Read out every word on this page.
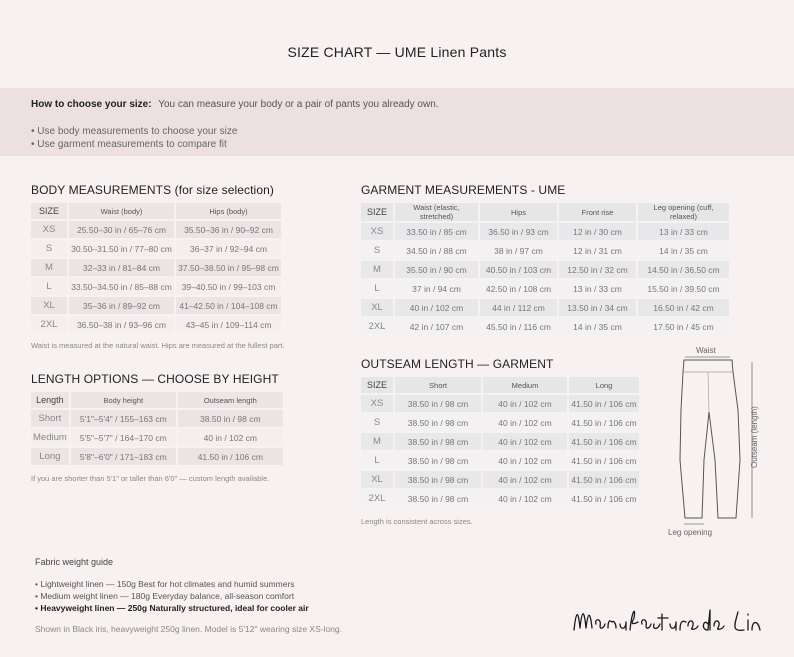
SIZE CHART — UME Linen Pants
How to choose your size: You can measure your body or a pair of pants you already own.
• Use body measurements to choose your size
• Use garment measurements to compare fit
BODY MEASUREMENTS (for size selection)
SIZE	Waist (body)	Hips (body)
XS	25.50–30 in / 65–76 cm	35.50–36 in / 90–92 cm
S	30.50–31.50 in / 77–80 cm	36–37 in / 92–94 cm
M	32–33 in / 81–84 cm	37.50–38.50 in / 95–98 cm
L	33.50–34.50 in / 85–88 cm	39–40.50 in / 99–103 cm
XL	35–36 in / 89–92 cm	41–42.50 in / 104–108 cm
2XL	36.50–38 in / 93–96 cm	43–45 in / 109–114 cm
Waist is measured at the natural waist. Hips are measured at the fullest part.
LENGTH OPTIONS — CHOOSE BY HEIGHT
Length	Body height	Outseam length
Short	5'1"–5'4" / 155–163 cm	38.50 in / 98 cm
Medium	5'5"–5'7" / 164–170 cm	40 in / 102 cm
Long	5'8"–6'0" / 171–183 cm	41.50 in / 106 cm
If you are shorter than 5'1" or taller than 6'0" — custom length available.
GARMENT MEASUREMENTS - UME
SIZE	Waist (elastic, stretched)	Hips	Front rise	Leg opening (cuff, relaxed)
XS	33.50 in / 85 cm	36.50 in / 93 cm	12 in / 30 cm	13 in / 33 cm
S	34.50 in / 88 cm	38 in / 97 cm	12 in / 31 cm	14 in / 35 cm
M	35.50 in / 90 cm	40.50 in / 103 cm	12.50 in / 32 cm	14.50 in / 36.50 cm
L	37 in / 94 cm	42.50 in / 108 cm	13 in / 33 cm	15.50 in / 39.50 cm
XL	40 in / 102 cm	44 in / 112 cm	13.50 in / 34 cm	16.50 in / 42 cm
2XL	42 in / 107 cm	45.50 in / 116 cm	14 in / 35 cm	17.50 in / 45 cm
OUTSEAM LENGTH — GARMENT
SIZE	Short	Medium	Long
XS	38.50 in / 98 cm	40 in / 102 cm	41.50 in / 106 cm
S	38.50 in / 98 cm	40 in / 102 cm	41.50 in / 106 cm
M	38.50 in / 98 cm	40 in / 102 cm	41.50 in / 106 cm
L	38.50 in / 98 cm	40 in / 102 cm	41.50 in / 106 cm
XL	38.50 in / 98 cm	40 in / 102 cm	41.50 in / 106 cm
2XL	38.50 in / 98 cm	40 in / 102 cm	41.50 in / 106 cm
Length is consistent across sizes.
Waist
Outseam (length)
Leg opening
Fabric weight guide
• Lightweight linen — 150g Best for hot climates and humid summers
• Medium weight linen — 180g Everyday balance, all-season comfort
• Heavyweight linen — 250g Naturally structured, ideal for cooler air
Shown in Black iris, heavyweight 250g linen. Model is 5'12" wearing size XS-long.
